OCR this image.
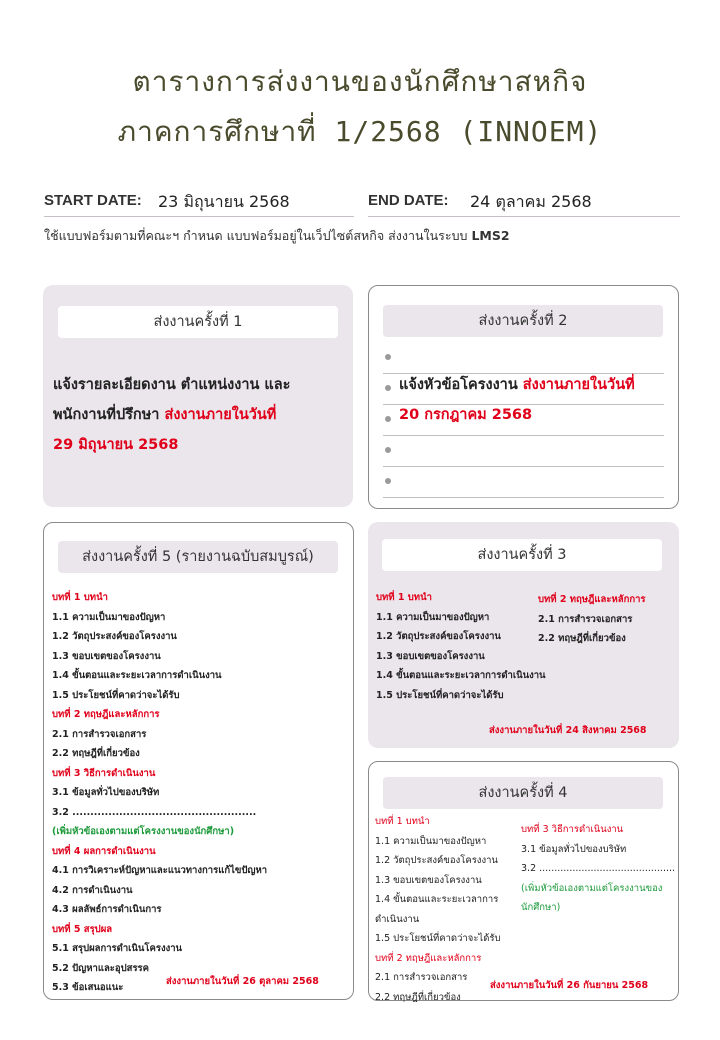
ตารางการส่งงานของนักศึกษาสหกิจ
ภาคการศึกษาที่ 1/2568 (INNOEM)
START DATE: 23 มิถุนายน 2568	END DATE: 24 ตุลาคม 2568
ใช้แบบฟอร์มตามที่คณะฯ กำหนด แบบฟอร์มอยู่ในเว็ปไซต์สหกิจ ส่งงานในระบบ LMS2
ส่งงานครั้งที่ 1
แจ้งรายละเอียดงาน ตำแหน่งงาน และ
พนักงานที่ปรึกษา ส่งงานภายในวันที่
29 มิถุนายน 2568
ส่งงานครั้งที่ 2
แจ้งหัวข้อโครงงาน ส่งงานภายในวันที่
20 กรกฎาคม 2568
ส่งงานครั้งที่ 5 (รายงานฉบับสมบูรณ์)
บทที่ 1 บทนำ
1.1 ความเป็นมาของปัญหา
1.2 วัตถุประสงค์ของโครงงาน
1.3 ขอบเขตของโครงงาน
1.4 ขั้นตอนและระยะเวลาการดำเนินงาน
1.5 ประโยชน์ที่คาดว่าจะได้รับ
บทที่ 2 ทฤษฎีและหลักการ
2.1 การสำรวจเอกสาร
2.2 ทฤษฎีที่เกี่ยวข้อง
บทที่ 3 วิธีการดำเนินงาน
3.1 ข้อมูลทั่วไปของบริษัท
3.2 ...................................................
(เพิ่มหัวข้อเองตามแต่โครงงานของนักศึกษา)
บทที่ 4 ผลการดำเนินงาน
4.1 การวิเคราะห์ปัญหาและแนวทางการแก้ไขปัญหา
4.2 การดำเนินงาน
4.3 ผลลัพธ์การดำเนินการ
บทที่ 5 สรุปผล
5.1 สรุปผลการดำเนินโครงงาน
5.2 ปัญหาและอุปสรรค
5.3 ข้อเสนอแนะ
ส่งงานภายในวันที่ 26 ตุลาคม 2568
ส่งงานครั้งที่ 3
บทที่ 1 บทนำ
1.1 ความเป็นมาของปัญหา
1.2 วัตถุประสงค์ของโครงงาน
1.3 ขอบเขตของโครงงาน
1.4 ขั้นตอนและระยะเวลาการดำเนินงาน
1.5 ประโยชน์ที่คาดว่าจะได้รับ
บทที่ 2 ทฤษฎีและหลักการ
2.1 การสำรวจเอกสาร
2.2 ทฤษฎีที่เกี่ยวข้อง
ส่งงานภายในวันที่ 24 สิงหาคม 2568
ส่งงานครั้งที่ 4
บทที่ 1 บทนำ
1.1 ความเป็นมาของปัญหา
1.2 วัตถุประสงค์ของโครงงาน
1.3 ขอบเขตของโครงงาน
1.4 ขั้นตอนและระยะเวลาการ
ดำเนินงาน
1.5 ประโยชน์ที่คาดว่าจะได้รับ
บทที่ 2 ทฤษฎีและหลักการ
2.1 การสำรวจเอกสาร
2.2 ทฤษฎีที่เกี่ยวข้อง
บทที่ 3 วิธีการดำเนินงาน
3.1 ข้อมูลทั่วไปของบริษัท
3.2 .............................................
(เพิ่มหัวข้อเองตามแต่โครงงานของ
นักศึกษา)
ส่งงานภายในวันที่ 26 กันยายน 2568
